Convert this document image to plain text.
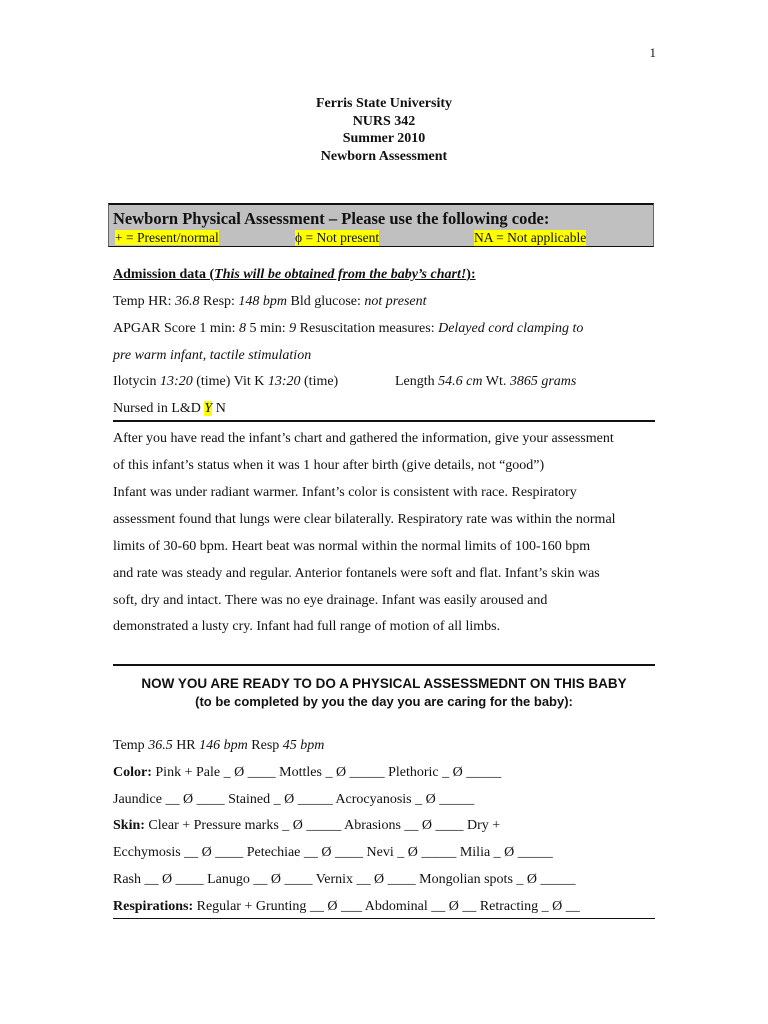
1
Ferris State University
NURS 342
Summer 2010
Newborn Assessment
Newborn Physical Assessment – Please use the following code:
+ = Present/normal	ϕ = Not present	NA = Not applicable
Admission data (This will be obtained from the baby’s chart!):
Temp HR: 36.8 Resp: 148 bpm Bld glucose: not present
APGAR Score 1 min: 8 5 min: 9 Resuscitation measures: Delayed cord clamping to
pre warm infant, tactile stimulation
Ilotycin 13:20 (time) Vit K 13:20 (time)	Length 54.6 cm Wt. 3865 grams
Nursed in L&D Y N
After you have read the infant’s chart and gathered the information, give your assessment
of this infant’s status when it was 1 hour after birth (give details, not “good”)
Infant was under radiant warmer. Infant’s color is consistent with race. Respiratory
assessment found that lungs were clear bilaterally. Respiratory rate was within the normal
limits of 30-60 bpm. Heart beat was normal within the normal limits of 100-160 bpm
and rate was steady and regular. Anterior fontanels were soft and flat. Infant’s skin was
soft, dry and intact. There was no eye drainage. Infant was easily aroused and
demonstrated a lusty cry. Infant had full range of motion of all limbs.
NOW YOU ARE READY TO DO A PHYSICAL ASSESSMEDNT ON THIS BABY
(to be completed by you the day you are caring for the baby):
Temp 36.5 HR 146 bpm Resp 45 bpm
Color: Pink + Pale _ Ø ____ Mottles _ Ø _____ Plethoric _ Ø _____
Jaundice __ Ø ____ Stained _ Ø _____ Acrocyanosis _ Ø _____
Skin: Clear + Pressure marks _ Ø _____ Abrasions __ Ø ____ Dry +
Ecchymosis __ Ø ____ Petechiae __ Ø ____ Nevi _ Ø _____ Milia _ Ø _____
Rash __ Ø ____ Lanugo __ Ø ____ Vernix __ Ø ____ Mongolian spots _ Ø _____
Respirations: Regular + Grunting __ Ø ___ Abdominal __ Ø __ Retracting _ Ø __
